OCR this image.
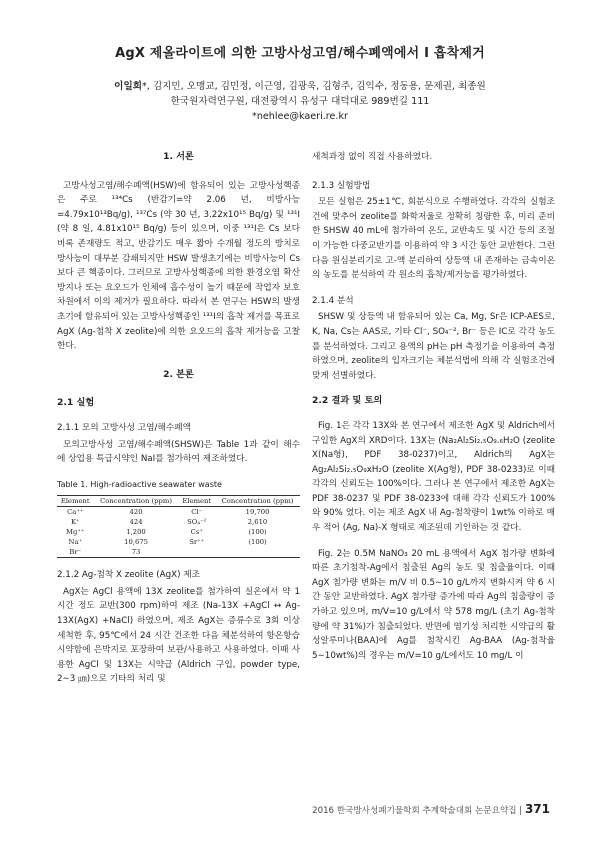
AgX 제올라이트에 의한 고방사성고염/해수폐액에서 I 흡착제거
이일희*, 김지민, 오맹교, 김민정, 이근영, 김광욱, 김형주, 김익수, 정동용, 문제권, 최종원
한국원자력연구원, 대전광역시 유성구 대덕대로 989번길 111
*nehlee@kaeri.re.kr
1. 서론

고방사성고염/해수폐액(HSW)에 함유되어 있는 고방사성핵종은 주로 ¹³⁴Cs (반감기=약 2.06 년, 비방사능=4.79x10¹³Bq/g), ¹³⁷Cs (약 30 년, 3.22x10¹⁵ Bq/g) 및 ¹³¹I (약 8 일, 4.81x10¹⁵ Bq/g) 등이 있으며, 이중 ¹³¹I은 Cs 보다 비록 존재량도 적고, 반감기도 매우 짧아 수개월 정도의 방치로 방사능이 대부분 감쇄되지만 HSW 발생초기에는 비방사능이 Cs 보다 큰 핵종이다. 그러므로 고방사성핵종에 의한 환경오염 확산방지나 또는 요오드가 인체에 흡수성이 높기 때문에 작업자 보호차원에서 이의 제거가 필요하다. 따라서 본 연구는 HSW의 발생초기에 함유되어 있는 고방사성핵종인 ¹³¹I의 흡착 제거를 목표로 AgX (Ag-첨착 X zeolite)에 의한 요오드의 흡착 제거능을 고찰한다.

2. 본론
2.1 실험
2.1.1 모의 고방사성 고염/해수폐액

모의고방사성 고염/해수폐액(SHSW)은 Table 1과 같이 해수에 상업용 특급시약인 NaI를 첨가하여 제조하였다.

Table 1. High-radioactive seawater waste
Element	Concentration (ppm)	Element	Concentration (ppm)
Ca⁺⁺	420	Cl⁻	19,700
K⁺	424	SO₄⁻²	2,610
Mg⁺⁺	1,200	Cs⁺	(100)
Na⁺	10,675	Sr⁺⁺	(100)
Br⁻	73		
2.1.2 Ag-첨착 X zeolite (AgX) 제조

AgX는 AgCl 용액에 13X zeolite를 첨가하여 실온에서 약 1 시간 정도 교반(300 rpm)하여 제조 (Na-13X +AgCl ↔ Ag-13X(AgX) +NaCl) 하였으며, 제조 AgX는 증류수로 3회 이상 세척한 후, 95℃에서 24 시간 건조한 다음 체분석하여 항온항습시약함에 은박지로 포장하여 보관/사용하고 사용하였다. 이때 사용한 AgCl 및 13X는 시약급 (Aldrich 구입, powder type, 2∼3 ㎛)으로 기타의 처리 및

세척과정 없이 직접 사용하였다.

2.1.3 실험방법

모든 실험은 25±1℃, 회분식으로 수행하였다. 각각의 실험조건에 맞추어 zeolite를 화학저울로 정확히 칭량한 후, 미리 준비한 SHSW 40 mL에 첨가하여 온도, 교반속도 및 시간 등의 조절이 가능한 다중교반기를 이용하여 약 3 시간 동안 교반한다. 그런 다음 원심분리기로 고-액 분리하여 상등액 내 존재하는 금속이온의 농도를 분석하여 각 원소의 흡착/제거능을 평가하였다.

2.1.4 분석

SHSW 및 상등액 내 함유되어 있는 Ca, Mg, Sr은 ICP-AES로, K, Na, Cs는 AAS로, 기타 Cl⁻, SO₄⁻², Br⁻ 등은 IC로 각각 농도를 분석하였다. 그리고 용액의 pH는 pH 측정기을 이용하여 측정하였으며, zeolite의 입자크기는 체분석법에 의해 각 실험조건에 맞게 선별하였다.

2.2 결과 및 토의

Fig. 1은 각각 13X와 본 연구에서 제조한 AgX 및 Aldrich에서 구입한 AgX의 XRD이다. 13X는 (Na₂Al₂Si₂.₅O₉.₆H₂O (zeolite X(Na형), PDF 38-0237)이고, Aldrich의 AgX는 Ag₂Al₂Si₂.₅O₉xH₂O (zeolite X(Ag형), PDF 38-0233)로 이때 각각의 신뢰도는 100%이다. 그러나 본 연구에서 제조한 AgX는 PDF 38-0237 및 PDF 38-0233에 대해 각각 신뢰도가 100%와 90% 였다. 이는 제조 AgX 내 Ag-첨착량이 1wt% 이하로 매우 적어 (Ag, Na)-X 형태로 제조된데 기인하는 것 같다.

Fig. 2는 0.5M NaNO₃ 20 mL 용액에서 AgX 첨가량 변화에 따른 초기첨착-Ag에서 침출된 Ag의 농도 및 침출율이다. 이때 AgX 첨가량 변화는 m/V 비 0.5∼10 g/L까지 변화시켜 약 6 시간 동안 교반하였다. AgX 첨가량 증가에 따라 Ag의 침출량이 증가하고 있으며, m/V=10 g/L에서 약 578 mg/L (초기 Ag-첨착량에 약 31%)가 침출되었다. 반면에 염기성 처리한 시약급의 활성알루미나(BAA)에 Ag를 첨착시킨 Ag-BAA (Ag-첨착율 5∼10wt%)의 경우는 m/V=10 g/L에서도 10 mg/L 이

2016 한국방사성폐기물학회 추계학술대회 논문요약집 | 371
